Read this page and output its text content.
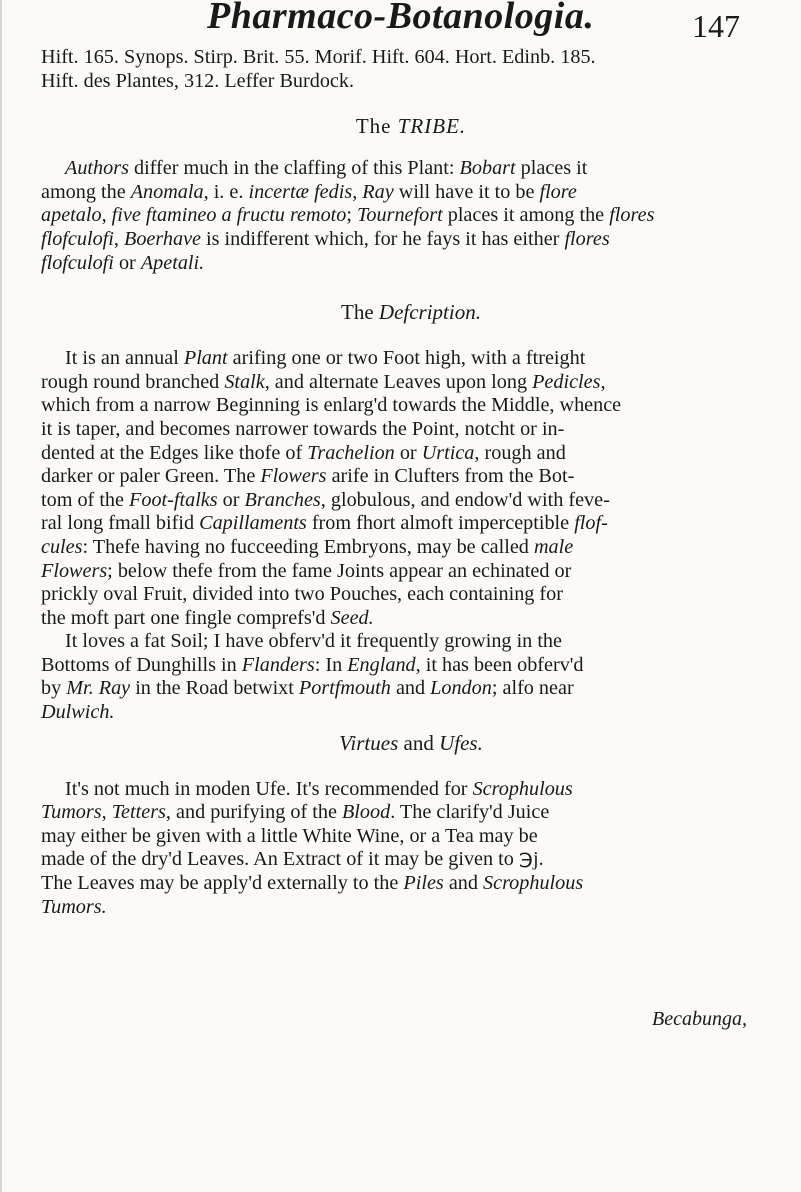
Pharmaco-Botanologia.	147
Hift. 165. Synops. Stirp. Brit. 55. Morif. Hift. 604. Hort. Edinb. 185.
Hift. des Plantes, 312. Leffer Burdock.
The TRIBE.
Authors differ much in the claffing of this Plant: Bobart places it
among the Anomala, i. e. incertæ fedis, Ray will have it to be flore
apetalo, five ftamineo a fructu remoto; Tournefort places it among the flores
flofculofi, Boerhave is indifferent which, for he fays it has either flores
flofculofi or Apetali.
The Defcription.
It is an annual Plant arifing one or two Foot high, with a ftreight
rough round branched Stalk, and alternate Leaves upon long Pedicles,
which from a narrow Beginning is enlarg'd towards the Middle, whence
it is taper, and becomes narrower towards the Point, notcht or in-
dented at the Edges like thofe of Trachelion or Urtica, rough and
darker or paler Green. The Flowers arife in Clufters from the Bot-
tom of the Foot-ftalks or Branches, globulous, and endow'd with feve-
ral long fmall bifid Capillaments from fhort almoft imperceptible flof-
cules: Thefe having no fucceeding Embryons, may be called male
Flowers; below thefe from the fame Joints appear an echinated or
prickly oval Fruit, divided into two Pouches, each containing for
the moft part one fingle comprefs'd Seed.
It loves a fat Soil; I have obferv'd it frequently growing in the
Bottoms of Dunghills in Flanders: In England, it has been obferv'd
by Mr. Ray in the Road betwixt Portfmouth and London; alfo near
Dulwich.
Virtues and Ufes.
It's not much in moden Ufe. It's recommended for Scrophulous
Tumors, Tetters, and purifying of the Blood. The clarify'd Juice
may either be given with a little White Wine, or a Tea may be
made of the dry'd Leaves. An Extract of it may be given to ℈j.
The Leaves may be apply'd externally to the Piles and Scrophulous
Tumors.
Becabunga,
